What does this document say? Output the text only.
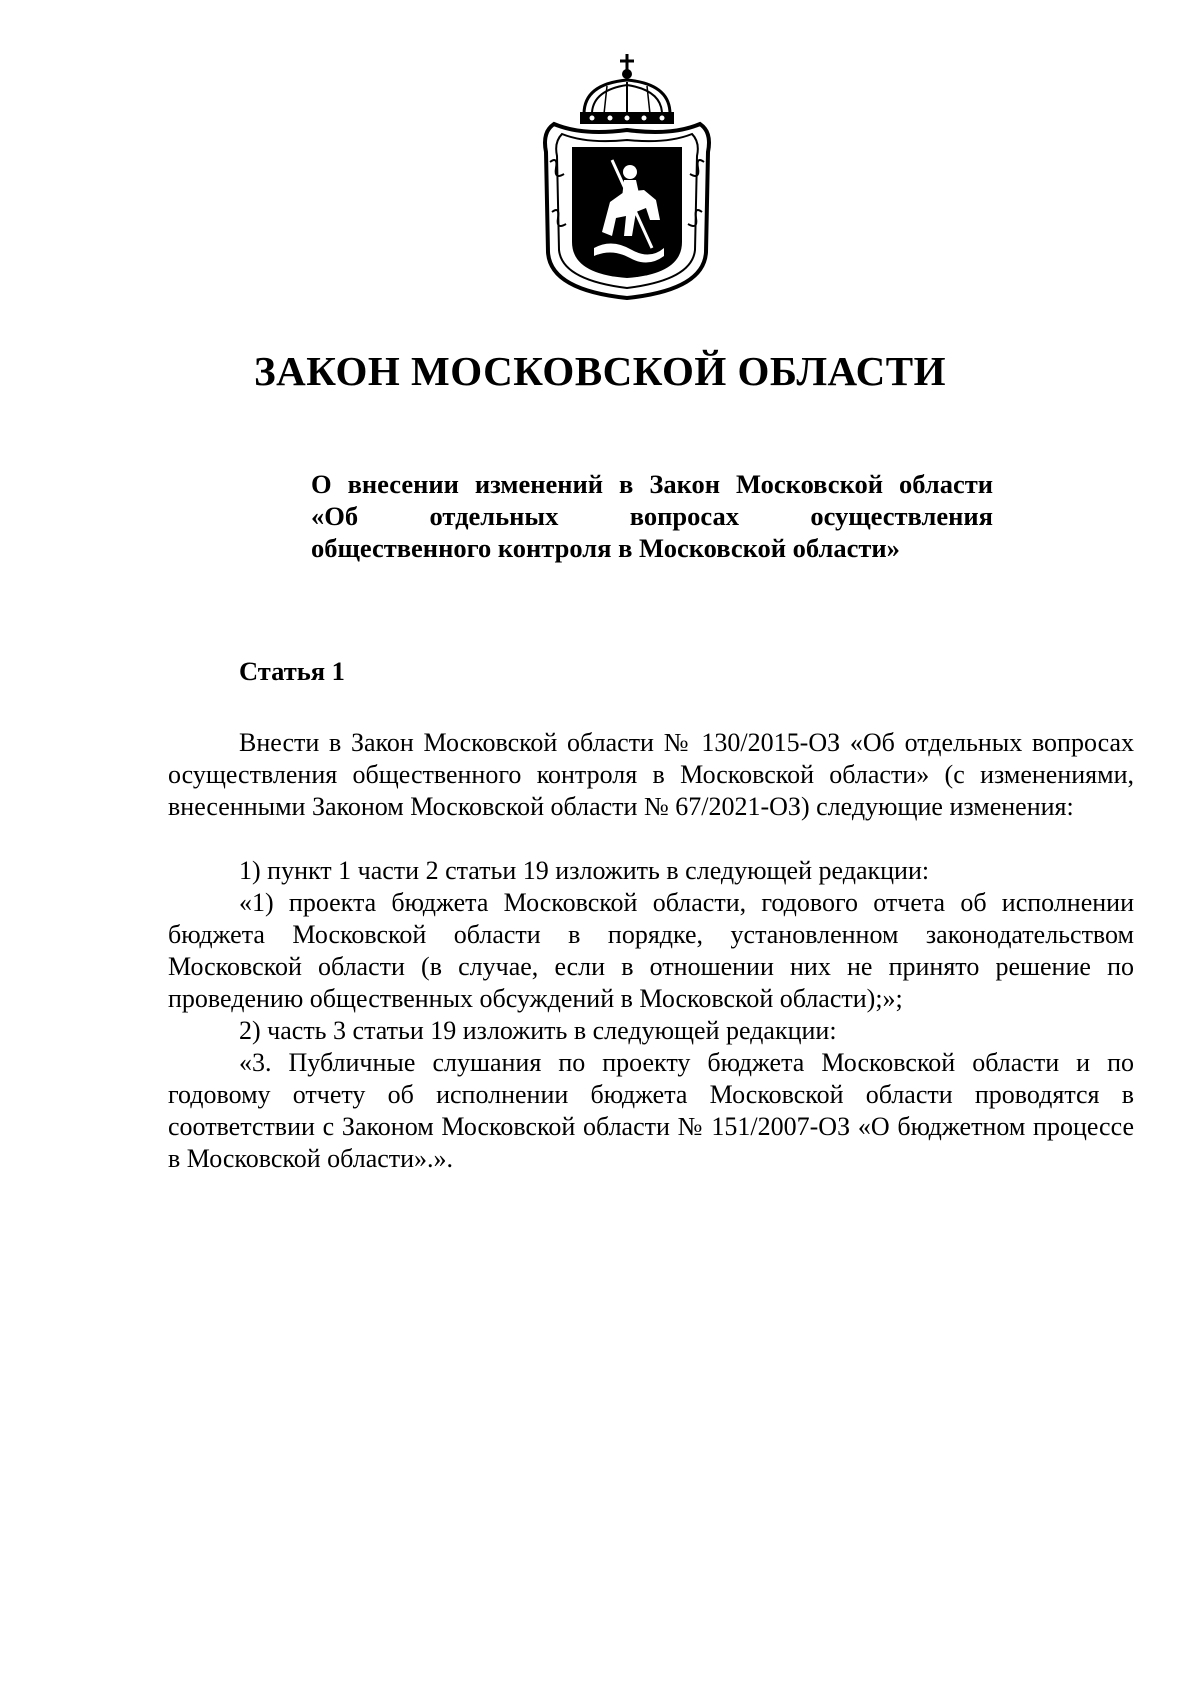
ЗАКОН МОСКОВСКОЙ ОБЛАСТИ
О внесении изменений в Закон Московской области
«Об отдельных вопросах осуществления
общественного контроля в Московской области»
Статья 1

Внести в Закон Московской области № 130/2015-ОЗ «Об отдельных вопросах осуществления общественного контроля в Московской области» (с изменениями, внесенными Законом Московской области № 67/2021-ОЗ) следующие изменения:

1) пункт 1 части 2 статьи 19 изложить в следующей редакции:

«1) проекта бюджета Московской области, годового отчета об исполнении бюджета Московской области в порядке, установленном законодательством Московской области (в случае, если в отношении них не принято решение по проведению общественных обсуждений в Московской области);»;

2) часть 3 статьи 19 изложить в следующей редакции:

«3. Публичные слушания по проекту бюджета Московской области и по годовому отчету об исполнении бюджета Московской области проводятся в соответствии с Законом Московской области № 151/2007-ОЗ «О бюджетном процессе в Московской области».».
